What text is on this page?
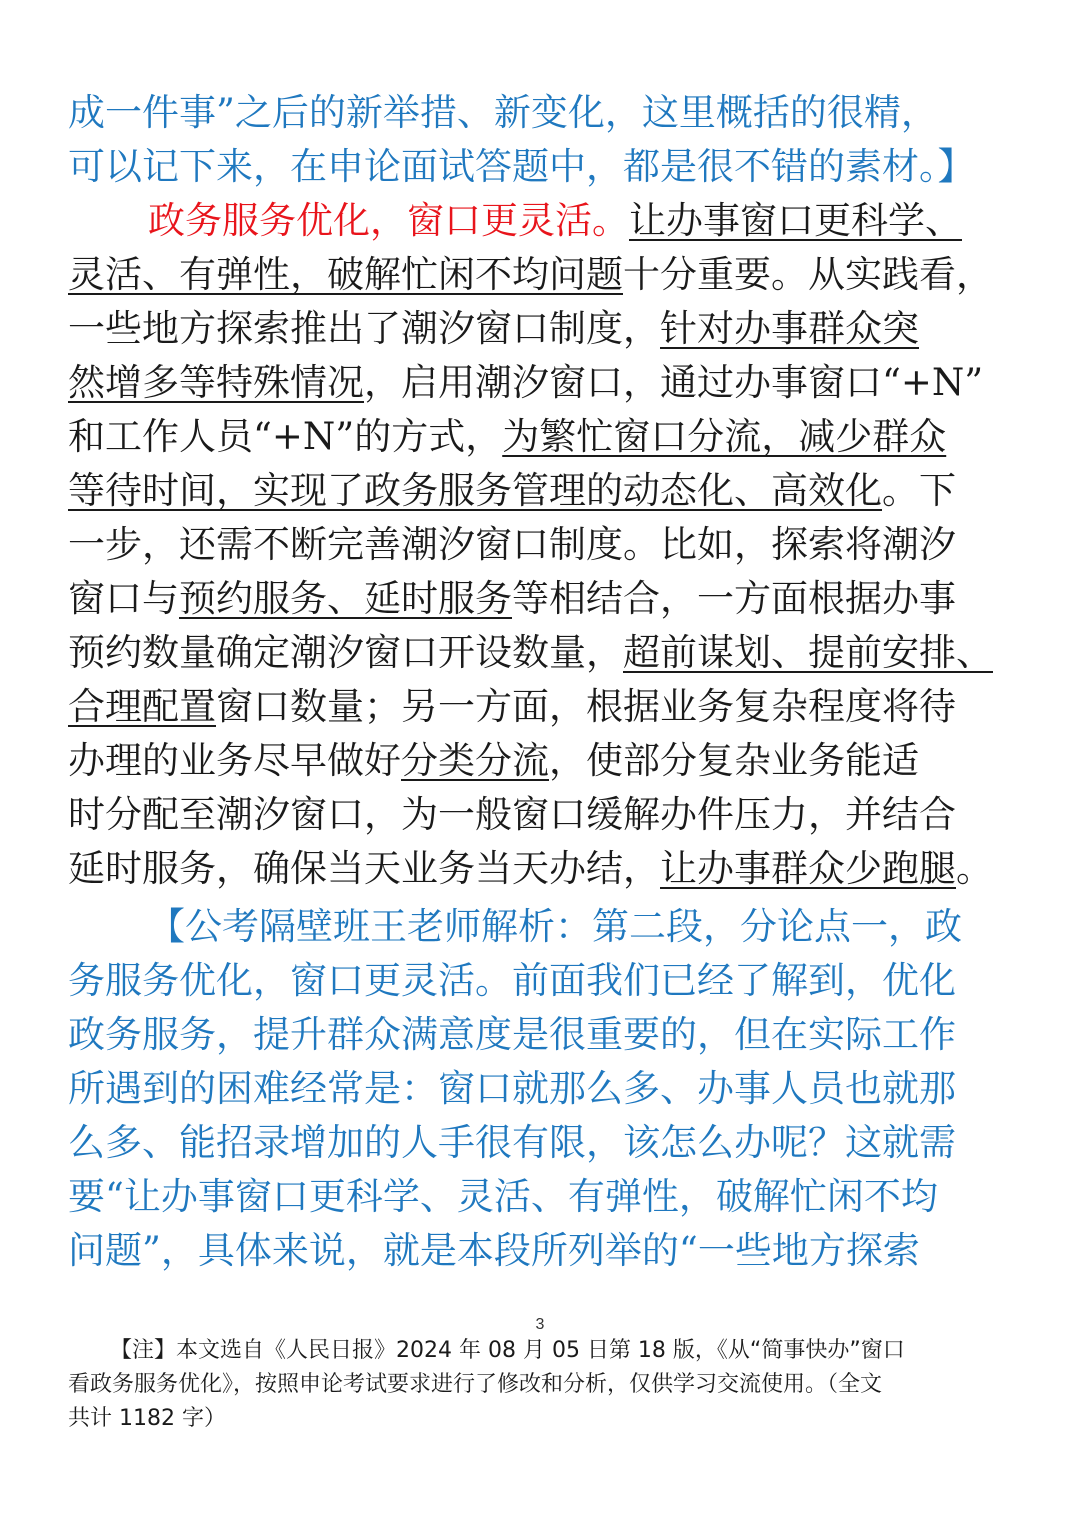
成一件事”之后的新举措、新变化，这里概括的很精，
可以记下来，在申论面试答题中，都是很不错的素材。】
政务服务优化，窗口更灵活。让办事窗口更科学、
灵活、有弹性，破解忙闲不均问题十分重要。从实践看，
一些地方探索推出了潮汐窗口制度，针对办事群众突
然增多等特殊情况，启用潮汐窗口，通过办事窗口“+N”
和工作人员“+N”的方式，为繁忙窗口分流，减少群众
等待时间，实现了政务服务管理的动态化、高效化。下
一步，还需不断完善潮汐窗口制度。比如，探索将潮汐
窗口与预约服务、延时服务等相结合，一方面根据办事
预约数量确定潮汐窗口开设数量，超前谋划、提前安排、
合理配置窗口数量；另一方面，根据业务复杂程度将待
办理的业务尽早做好分类分流，使部分复杂业务能适
时分配至潮汐窗口，为一般窗口缓解办件压力，并结合
延时服务，确保当天业务当天办结，让办事群众少跑腿。
【公考隔壁班王老师解析：第二段，分论点一，政
务服务优化，窗口更灵活。前面我们已经了解到，优化
政务服务，提升群众满意度是很重要的，但在实际工作
所遇到的困难经常是：窗口就那么多、办事人员也就那
么多、能招录增加的人手很有限，该怎么办呢？这就需
要“让办事窗口更科学、灵活、有弹性，破解忙闲不均
问题”，具体来说，就是本段所列举的“一些地方探索
3
【注】本文选自《人民日报》2024 年 08 月 05 日第 18 版，《从“简事快办”窗口
看政务服务优化》，按照申论考试要求进行了修改和分析，仅供学习交流使用。（全文
共计 1182 字）
